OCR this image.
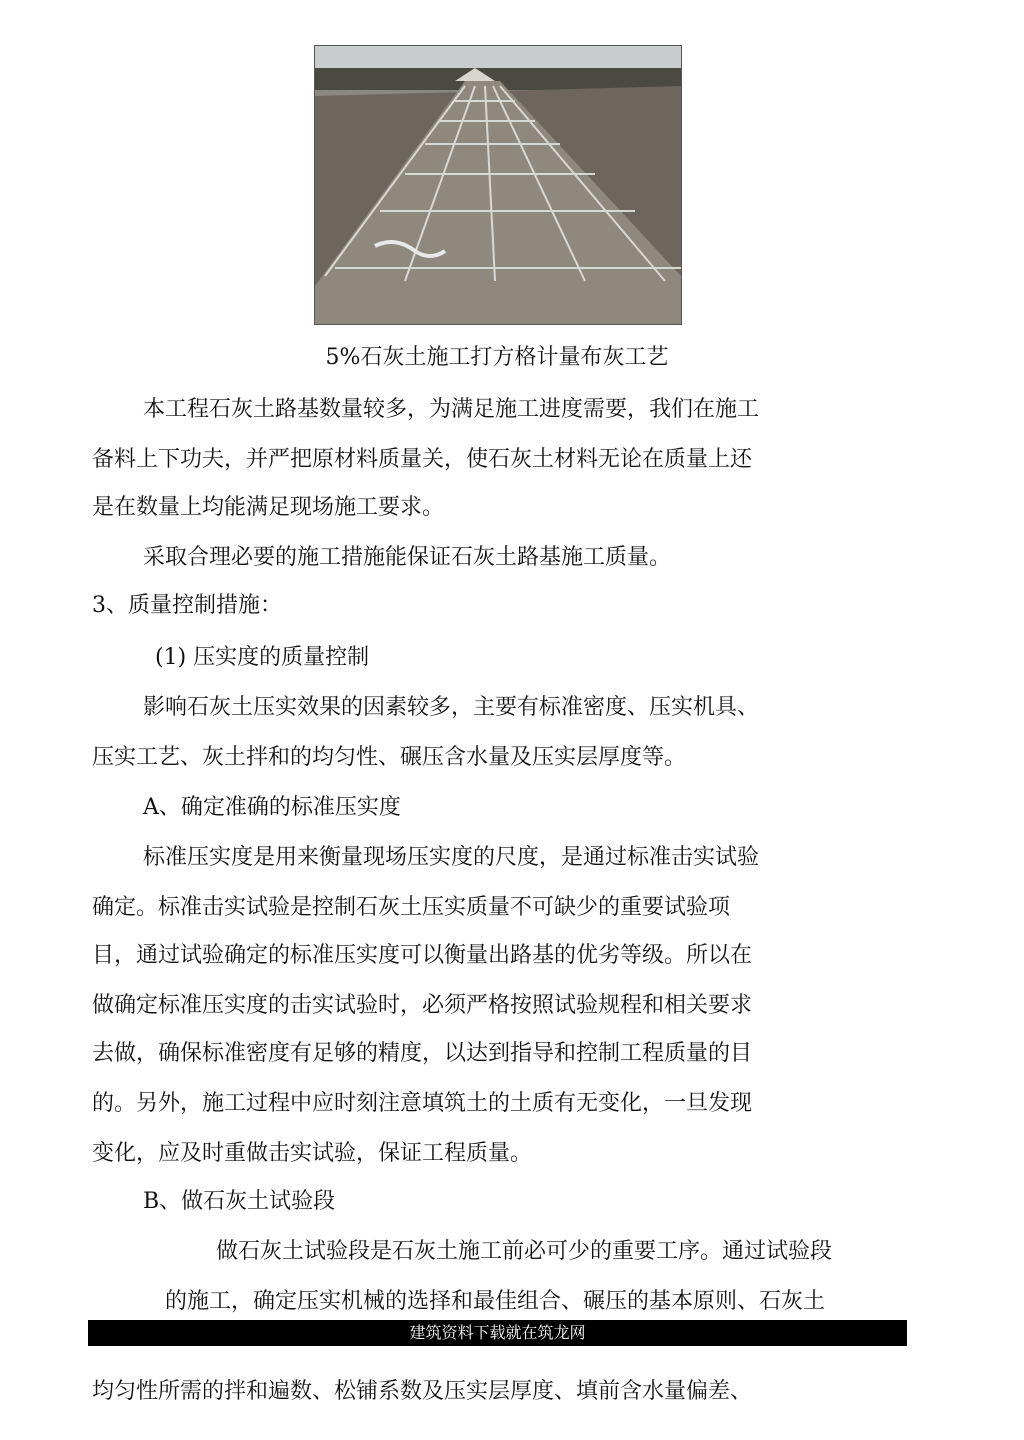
5%石灰土施工打方格计量布灰工艺
本工程石灰土路基数量较多，为满足施工进度需要，我们在施工
备料上下功夫，并严把原材料质量关，使石灰土材料无论在质量上还
是在数量上均能满足现场施工要求。
采取合理必要的施工措施能保证石灰土路基施工质量。
3、质量控制措施：
(1) 压实度的质量控制
影响石灰土压实效果的因素较多，主要有标准密度、压实机具、
压实工艺、灰土拌和的均匀性、碾压含水量及压实层厚度等。
A、确定准确的标准压实度
标准压实度是用来衡量现场压实度的尺度，是通过标准击实试验
确定。标准击实试验是控制石灰土压实质量不可缺少的重要试验项
目，通过试验确定的标准压实度可以衡量出路基的优劣等级。所以在
做确定标准压实度的击实试验时，必须严格按照试验规程和相关要求
去做，确保标准密度有足够的精度，以达到指导和控制工程质量的目
的。另外，施工过程中应时刻注意填筑土的土质有无变化，一旦发现
变化，应及时重做击实试验，保证工程质量。
B、做石灰土试验段
做石灰土试验段是石灰土施工前必可少的重要工序。通过试验段
的施工，确定压实机械的选择和最佳组合、碾压的基本原则、石灰土
建筑资料下载就在筑龙网
均匀性所需的拌和遍数、松铺系数及压实层厚度、填前含水量偏差、
